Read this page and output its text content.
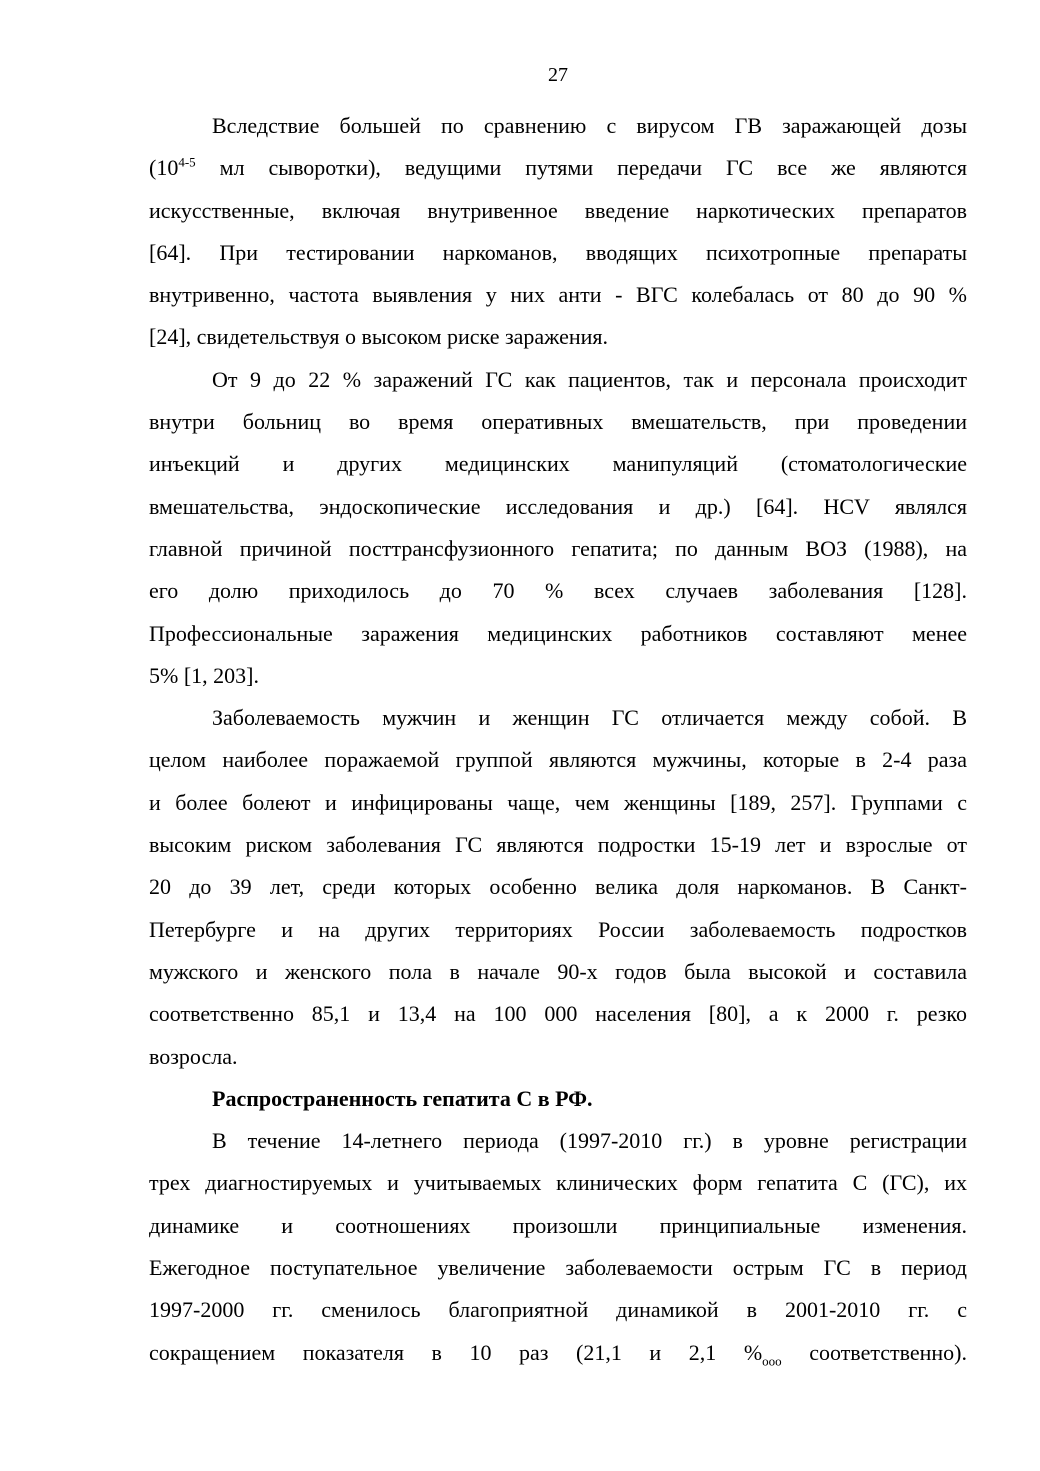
27
Вследствие большей по сравнению с вирусом ГВ заражающей дозы
(10$^{4-5}$ мл сыворотки), ведущими путями передачи ГС все же являются
искусственные, включая внутривенное введение наркотических препаратов
[64]. При тестировании наркоманов, вводящих психотропные препараты
внутривенно, частота выявления у них анти - ВГС колебалась от 80 до 90 %
[24], свидетельствуя о высоком риске заражения.
От 9 до 22 % заражений ГС как пациентов, так и персонала происходит
внутри больниц во время оперативных вмешательств, при проведении
инъекций и других медицинских манипуляций (стоматологические
вмешательства, эндоскопические исследования и др.) [64]. HCV являлся
главной причиной посттрансфузионного гепатита; по данным ВОЗ (1988), на
его долю приходилось до 70 % всех случаев заболевания [128].
Профессиональные заражения медицинских работников составляют менее
5% [1, 203].
Заболеваемость мужчин и женщин ГС отличается между собой. В
целом наиболее поражаемой группой являются мужчины, которые в 2-4 раза
и более болеют и инфицированы чаще, чем женщины [189, 257]. Группами с
высоким риском заболевания ГС являются подростки 15-19 лет и взрослые от
20 до 39 лет, среди которых особенно велика доля наркоманов. В Санкт-
Петербурге и на других территориях России заболеваемость подростков
мужского и женского пола в начале 90-х годов была высокой и составила
соответственно 85,1 и 13,4 на 100 000 населения [80], а к 2000 г. резко
возросла.
Распространенность гепатита С в РФ.
В течение 14-летнего периода (1997-2010 гг.) в уровне регистрации
трех диагностируемых и учитываемых клинических форм гепатита С (ГС), их
динамике и соотношениях произошли принципиальные изменения.
Ежегодное поступательное увеличение заболеваемости острым ГС в период
1997-2000 гг. сменилось благоприятной динамикой в 2001-2010 гг. с
сокращением показателя в 10 раз (21,1 и 2,1 $\%_{ооо}$ соответственно).
